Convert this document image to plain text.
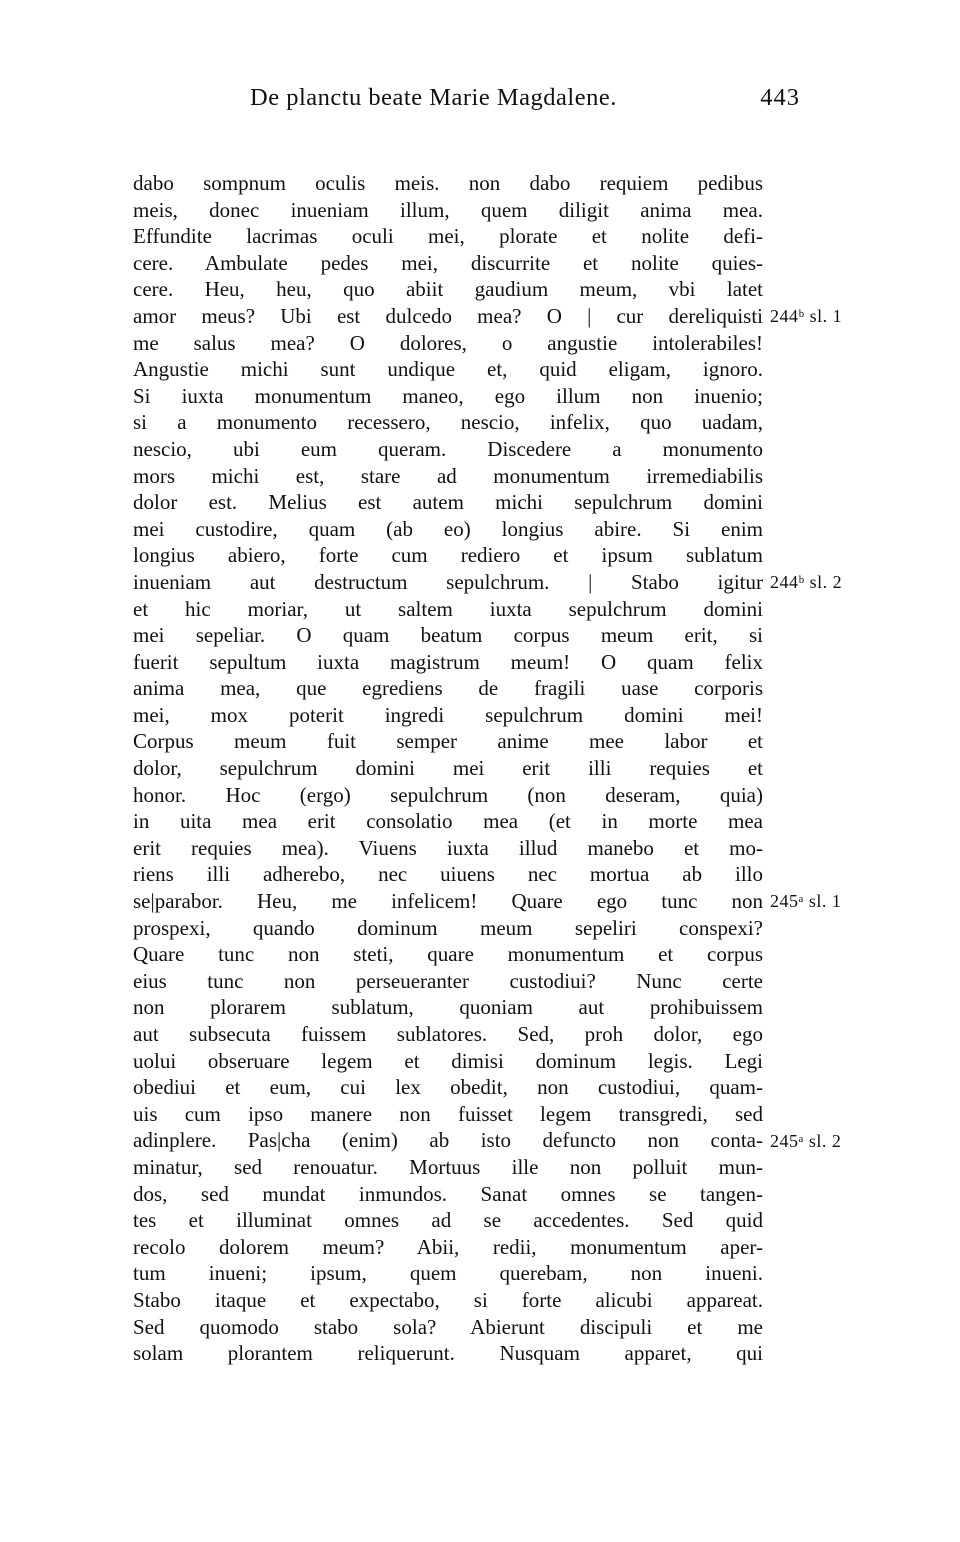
De planctu beate Marie Magdalene.	443
dabo sompnum oculis meis. non dabo requiem pedibus
meis, donec inueniam illum, quem diligit anima mea.
Effundite lacrimas oculi mei, plorate et nolite defi-
cere. Ambulate pedes mei, discurrite et nolite quies-
cere. Heu, heu, quo abiit gaudium meum, vbi latet
amor meus? Ubi est dulcedo mea? O | cur dereliquisti
me salus mea? O dolores, o angustie intolerabiles!
Angustie michi sunt undique et, quid eligam, ignoro.
Si iuxta monumentum maneo, ego illum non inuenio;
si a monumento recessero, nescio, infelix, quo uadam,
nescio, ubi eum queram. Discedere a monumento
mors michi est, stare ad monumentum irremediabilis
dolor est. Melius est autem michi sepulchrum domini
mei custodire, quam (ab eo) longius abire. Si enim
longius abiero, forte cum rediero et ipsum sublatum
inueniam aut destructum sepulchrum. | Stabo igitur
et hic moriar, ut saltem iuxta sepulchrum domini
mei sepeliar. O quam beatum corpus meum erit, si
fuerit sepultum iuxta magistrum meum! O quam felix
anima mea, que egrediens de fragili uase corporis
mei, mox poterit ingredi sepulchrum domini mei!
Corpus meum fuit semper anime mee labor et
dolor, sepulchrum domini mei erit illi requies et
honor. Hoc (ergo) sepulchrum (non deseram, quia)
in uita mea erit consolatio mea (et in morte mea
erit requies mea). Viuens iuxta illud manebo et mo-
riens illi adherebo, nec uiuens nec mortua ab illo
se|parabor. Heu, me infelicem! Quare ego tunc non
prospexi, quando dominum meum sepeliri conspexi?
Quare tunc non steti, quare monumentum et corpus
eius tunc non perseueranter custodiui? Nunc certe
non plorarem sublatum, quoniam aut prohibuissem
aut subsecuta fuissem sublatores. Sed, proh dolor, ego
uolui obseruare legem et dimisi dominum legis. Legi
obediui et eum, cui lex obedit, non custodiui, quam-
uis cum ipso manere non fuisset legem transgredi, sed
adinplere. Pas|cha (enim) ab isto defuncto non conta-
minatur, sed renouatur. Mortuus ille non polluit mun-
dos, sed mundat inmundos. Sanat omnes se tangen-
tes et illuminat omnes ad se accedentes. Sed quid
recolo dolorem meum? Abii, redii, monumentum aper-
tum inueni; ipsum, quem querebam, non inueni.
Stabo itaque et expectabo, si forte alicubi appareat.
Sed quomodo stabo sola? Abierunt discipuli et me
solam plorantem reliquerunt. Nusquam apparet, qui
244ᵇ sl. 1
244ᵇ sl. 2
245ᵃ sl. 1
245ᵃ sl. 2
